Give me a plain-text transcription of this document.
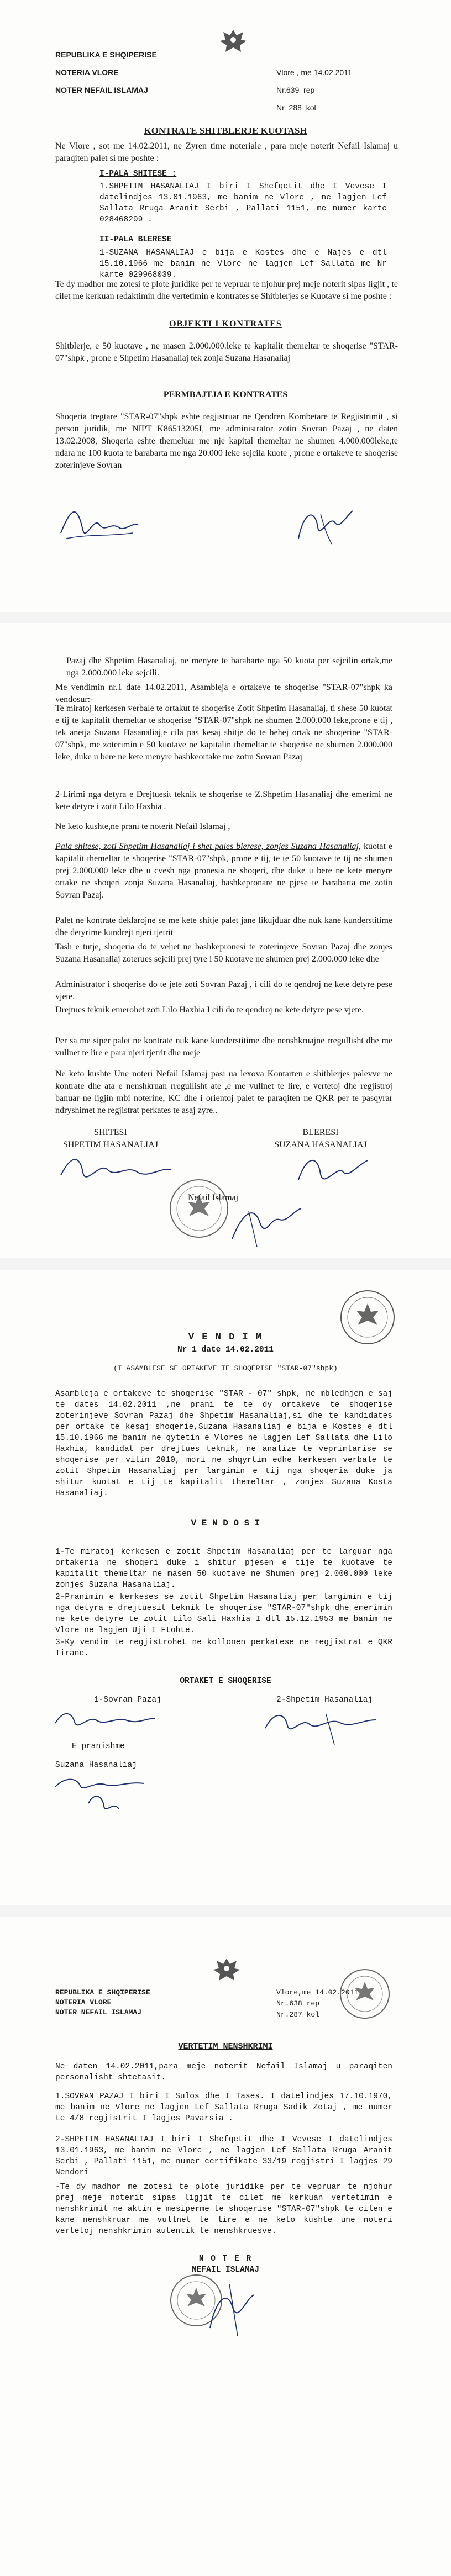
REPUBLIKA E SHQIPERISE
NOTERIA VLORE
NOTER NEFAIL ISLAMAJ
Vlore , me 14.02.2011
Nr.639_rep
Nr_288_kol
KONTRATE SHITBLERJE KUOTASH
Ne Vlore , sot me 14.02.2011, ne Zyren time noteriale , para meje noterit Nefail Islamaj u paraqiten palet si me poshte :
I-PALA SHITESE :
1.SHPETIM HASANALIAJ I biri I Shefqetit dhe I Vevese I datelindjes 13.01.1963, me banim ne Vlore , ne lagjen Lef Sallata Rruga Aranit Serbi , Pallati 1151, me numer karte 028468299 .
II-PALA BLERESE
1-SUZANA HASANALIAJ e bija e Kostes dhe e Najes e dtl 15.10.1966 me banim ne Vlore ne lagjen Lef Sallata me Nr karte 029968039.
Te dy madhor me zotesi te plote juridike per te vepruar te njohur prej meje noterit sipas ligjit , te cilet me kerkuan redaktimin dhe vertetimin e kontrates se Shitblerjes se Kuotave si me poshte :
OBJEKTI I KONTRATES
Shitblerje, e 50 kuotave , ne masen 2.000.000.leke te kapitalit themeltar te shoqerise "STAR-07"shpk , prone e Shpetim Hasanaliaj tek zonja Suzana Hasanaliaj
PERMBAJTJA E KONTRATES
Shoqeria tregtare "STAR-07"shpk eshte regjistruar ne Qendren Kombetare te Regjistrimit , si person juridik, me NIPT K86513205I, me administrator zotin Sovran Pazaj , ne daten 13.02.2008, Shoqeria eshte themeluar me nje kapital themeltar ne shumen 4.000.000leke,te ndara ne 100 kuota te barabarta me nga 20.000 leke sejcila kuote , prone e ortakeve te shoqerise zoterinjeve Sovran
Pazaj dhe Shpetim Hasanaliaj, ne menyre te barabarte nga 50 kuota per sejcilin ortak,me nga 2.000.000 leke sejcili.
Me vendimin nr.1 date 14.02.2011, Asambleja e ortakeve te shoqerise "STAR-07"shpk ka vendosur:-
Te miratoj kerkesen verbale te ortakut te shoqerise Zotit Shpetim Hasanaliaj, ti shese 50 kuotat e tij te kapitalit themeltar te shoqerise "STAR-07"shpk ne shumen 2.000.000 leke,prone e tij , tek anetja Suzana Hasanaliaj,e cila pas kesaj shitje do te behej ortak ne shoqerine "STAR-07"shpk, me zoterimin e 50 kuotave ne kapitalin themeltar te shoqerise ne shumen 2.000.000 leke, duke u bere ne kete menyre bashkeortake me zotin Sovran Pazaj
2-Lirimi nga detyra e Drejtuesit teknik te shoqerise te Z.Shpetim Hasanaliaj dhe emerimi ne kete detyre i zotit Lilo Haxhia .
Ne keto kushte,ne prani te noterit Nefail Islamaj ,
Pala shitese, zoti Shpetim Hasanaliaj i shet pales blerese, zonjes Suzana Hasanaliaj, kuotat e kapitalit themeltar te shoqerise "STAR-07"shpk, prone e tij, te te 50 kuotave te tij ne shumen prej 2.000.000 leke dhe u cvesh nga pronesia ne shoqeri, dhe duke u bere ne kete menyre ortake ne shoqeri zonja Suzana Hasanaliaj, bashkepronare ne pjese te barabarta me zotin Sovran Pazaj.
Palet ne kontrate deklarojne se me kete shitje palet jane likujduar dhe nuk kane kunderstitime dhe detyrime kundrejt njeri tjetrit
Tash e tutje, shoqeria do te vehet ne bashkepronesi te zoterinjeve Sovran Pazaj dhe zonjes Suzana Hasanaliaj zoterues sejcili prej tyre i 50 kuotave ne shumen prej 2.000.000 leke dhe
Administrator i shoqerise do te jete zoti Sovran Pazaj , i cili do te qendroj ne kete detyre pese vjete.
Drejtues teknik emerohet zoti Lilo Haxhia I cili do te qendroj ne kete detyre pese vjete.
Per sa me siper palet ne kontrate nuk kane kunderstitime dhe nenshkruajne rregullisht dhe me vullnet te lire e para njeri tjetrit dhe meje
Ne keto kushte Une noteri Nefail Islamaj pasi ua lexova Kontarten e shitblerjes palevve ne kontrate dhe ata e nenshkruan rregullisht ate ,e me vullnet te lire, e vertetoj dhe regjistroj banuar ne ligjin mbi noterine, KC dhe i orientoj palet te paraqiten ne QKR per te pasqyrar ndryshimet ne regjistrat perkates te asaj zyre..
SHITESI
SHPETIM HASANALIAJ
BLERESI
SUZANA HASANALIAJ
Nefail Islamaj
V E N D I M
Nr 1 date 14.02.2011
(I ASAMBLESE SE ORTAKEVE TE SHOQERISE "STAR-07"shpk)
Asambleja e ortakeve te shoqerise "STAR - 07" shpk, ne mbledhjen e saj te dates 14.02.2011 ,ne prani te te dy ortakeve te shoqerise zoterinjeve Sovran Pazaj dhe Shpetim Hasanaliaj,si dhe te kandidates per ortake te kesaj shoqerie,Suzana Hasanaliaj e bija e Kostes e dtl 15.10.1966 me banim ne qytetin e Vlores ne lagjen Lef Sallata dhe Lilo Haxhia, kandidat per drejtues teknik, ne analize te veprimtarise se shoqerise per vitin 2010, mori ne shqyrtim edhe kerkesen verbale te zotit Shpetim Hasanaliaj per largimin e tij nga shoqeria duke ja shitur kuotat e tij te kapitalit themeltar , zonjes Suzana Kosta Hasanaliaj.
V E N D O S I
1-Te miratoj kerkesen e zotit Shpetim Hasanaliaj per te larguar nga ortakeria ne shoqeri duke i shitur pjesen e tije te kuotave te kapitalit themeltar ne masen 50 kuotave ne Shumen prej 2.000.000 leke zonjes Suzana Hasanaliaj.
2-Pranimin e kerkeses se zotit Shpetim Hasanaliaj per largimin e tij nga detyra e drejtuesit teknik te shoqerise "STAR-07"shpk dhe emerimin ne kete detyre te zotit Lilo Sali Haxhia I dtl 15.12.1953 me banim ne Vlore ne lagjen Uji I Ftohte.
3-Ky vendim te regjistrohet ne kollonen perkatese ne regjistrat e QKR Tirane.
ORTAKET E SHOQERISE
1-Sovran Pazaj	2-Shpetim Hasanaliaj
E pranishme
Suzana Hasanaliaj
REPUBLIKA E SHQIPERISE
NOTERIA VLORE
NOTER NEFAIL ISLAMAJ
Vlore,me 14.02.2011
Nr.638 rep
Nr.287 kol
VERTETIM NENSHKRIMI
Ne daten 14.02.2011,para meje noterit Nefail Islamaj u paraqiten personalisht shtetasit.
1.SOVRAN PAZAJ I biri I Sulos dhe I Tases. I datelindjes 17.10.1970, me banim ne Vlore ne lagjen Lef Sallata Rruga Sadik Zotaj , me numer te 4/8 regjistrit I lagjes Pavarsia .
2-SHPETIM HASANALIAJ I biri I Shefqetit dhe I Vevese I datelindjes 13.01.1963, me banim ne Vlore , ne lagjen Lef Sallata Rruga Aranit Serbi , Pallati 1151, me numer certifikate 33/19 regjistri I lagjes 29 Nendori
-Te dy madhor me zotesi te plote juridike per te vepruar te njohur prej meje noterit sipas ligjit te cilet me kerkuan vertetimin e nenshkrimit ne aktin e mesiperme te shoqerise "STAR-07"shpk te cilen e kane nenshkruar me vullnet te lire e ne keto kushte une noteri vertetoj nenshkrimin autentik te nenshkruesve.
N O T E R
NEFAIL ISLAMAJ
